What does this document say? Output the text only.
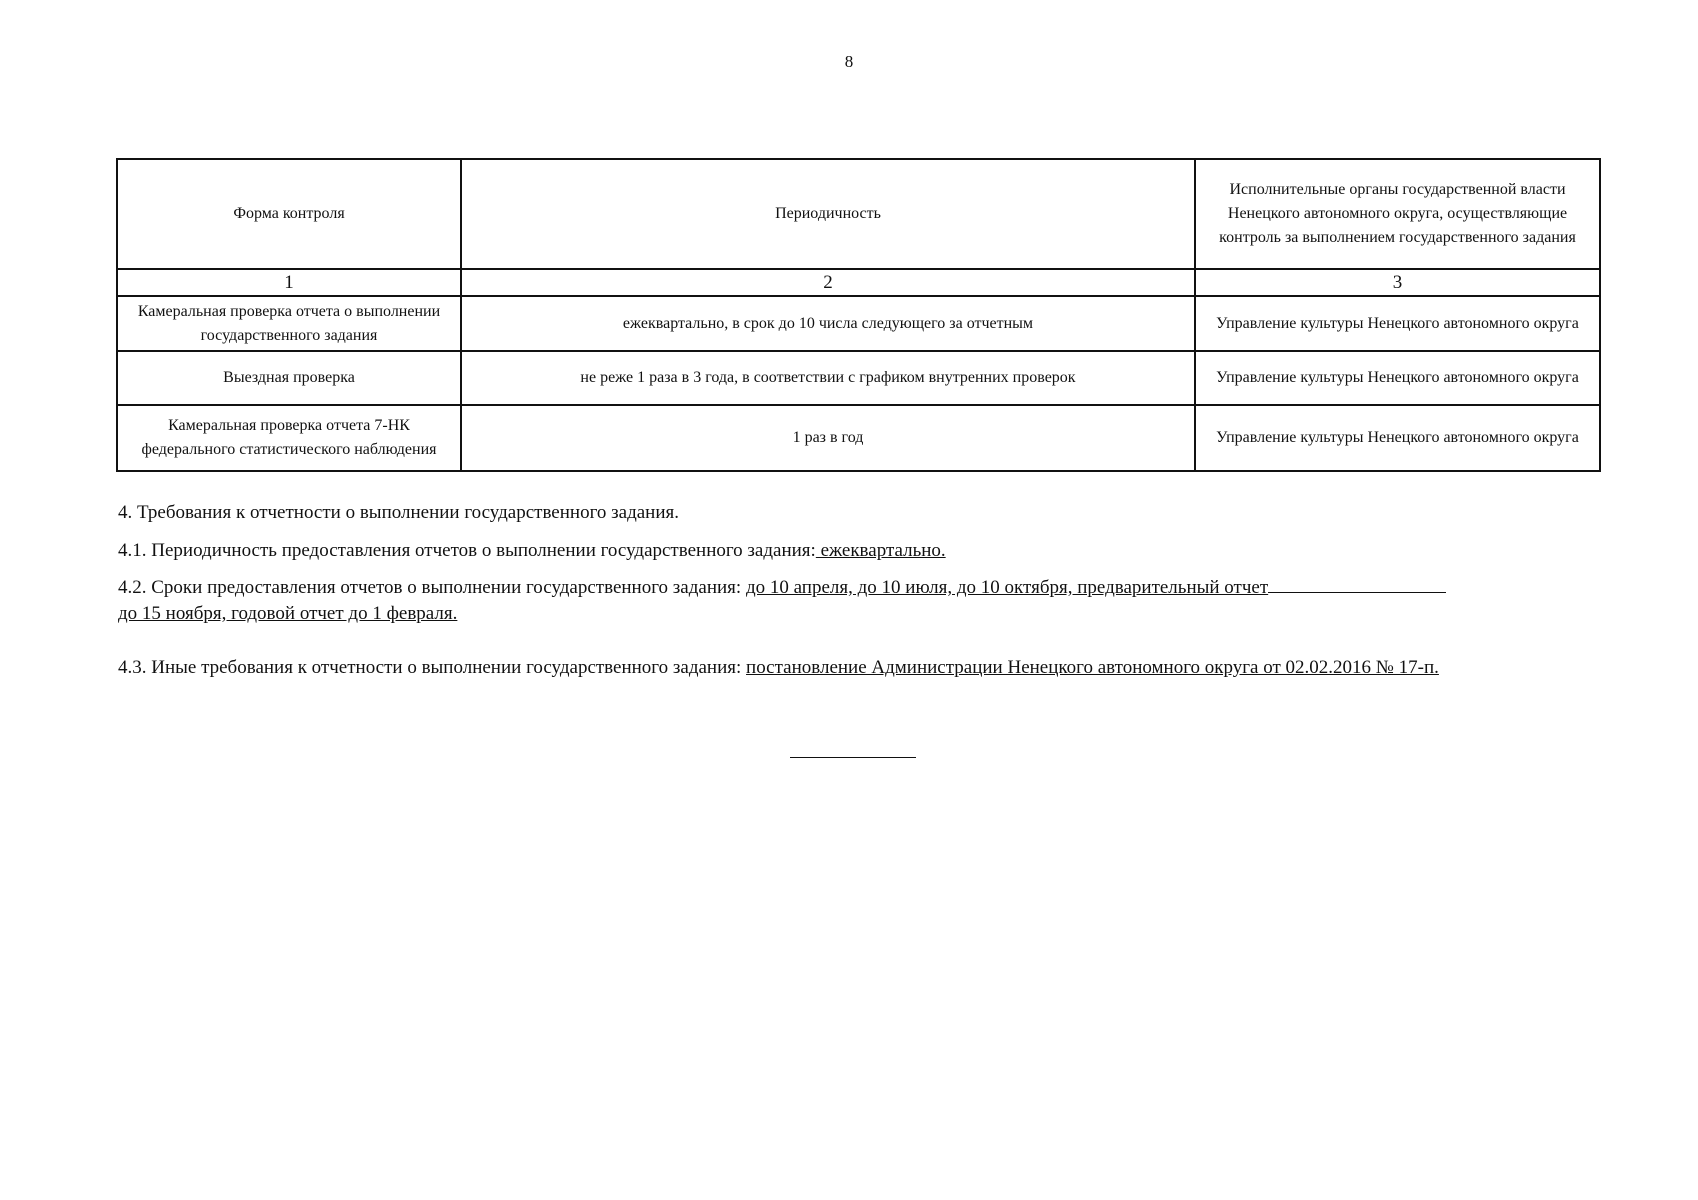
8
Форма контроля	Периодичность	Исполнительные органы государственной власти Ненецкого автономного округа, осуществляющие контроль за выполнением государственного задания
1	2	3
Камеральная проверка отчета о выполнении государственного задания	ежеквартально, в срок до 10 числа следующего за отчетным	Управление культуры Ненецкого автономного округа
Выездная проверка	не реже 1 раза в 3 года, в соответствии с графиком внутренних проверок	Управление культуры Ненецкого автономного округа
Камеральная проверка отчета 7-НК федерального статистического наблюдения	1 раз в год	Управление культуры Ненецкого автономного округа
4. Требования к отчетности о выполнении государственного задания.
4.1. Периодичность предоставления отчетов о выполнении государственного задания: ежеквартально.
4.2. Сроки предоставления отчетов о выполнении государственного задания: до 10 апреля, до 10 июля, до 10 октября, предварительный отчет
до 15 ноября, годовой отчет до 1 февраля.
4.3. Иные требования к отчетности о выполнении государственного задания: постановление Администрации Ненецкого автономного округа от 02.02.2016 № 17-п.
